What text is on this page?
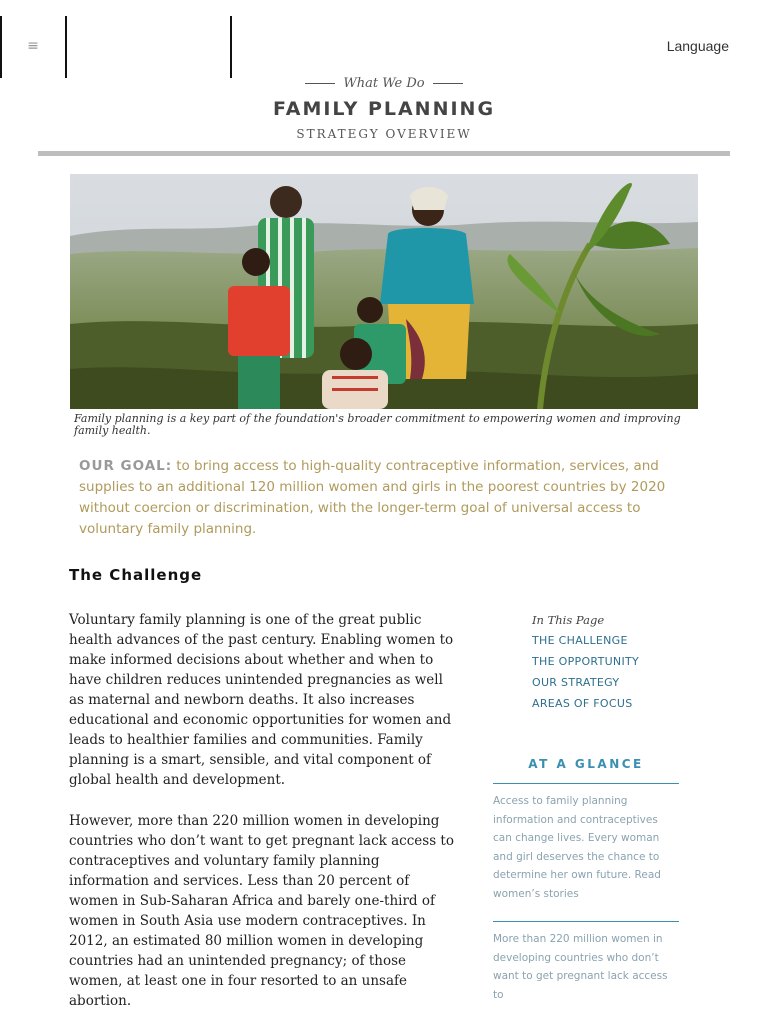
≡	Language
What We Do
FAMILY PLANNING
STRATEGY OVERVIEW
Family planning is a key part of the foundation's broader commitment to empowering women and improving family health.
OUR GOAL: to bring access to high-quality contraceptive information, services, and supplies to an additional 120 million women and girls in the poorest countries by 2020 without coercion or discrimination, with the longer-term goal of universal access to voluntary family planning.
The Challenge
Voluntary family planning is one of the great public health advances of the past century. Enabling women to make informed decisions about whether and when to have children reduces unintended pregnancies as well as maternal and newborn deaths. It also increases educational and economic opportunities for women and leads to healthier families and communities. Family planning is a smart, sensible, and vital component of global health and development.
However, more than 220 million women in developing countries who don’t want to get pregnant lack access to contraceptives and voluntary family planning information and services. Less than 20 percent of women in Sub-Saharan Africa and barely one-third of women in South Asia use modern contraceptives. In 2012, an estimated 80 million women in developing countries had an unintended pregnancy; of those women, at least one in four resorted to an unsafe abortion.
In This Page
THE CHALLENGE
THE OPPORTUNITY
OUR STRATEGY
AREAS OF FOCUS
AT A GLANCE
Access to family planning information and contraceptives can change lives. Every woman and girl deserves the chance to determine her own future. Read women’s stories
More than 220 million women in developing countries who don’t want to get pregnant lack access to
